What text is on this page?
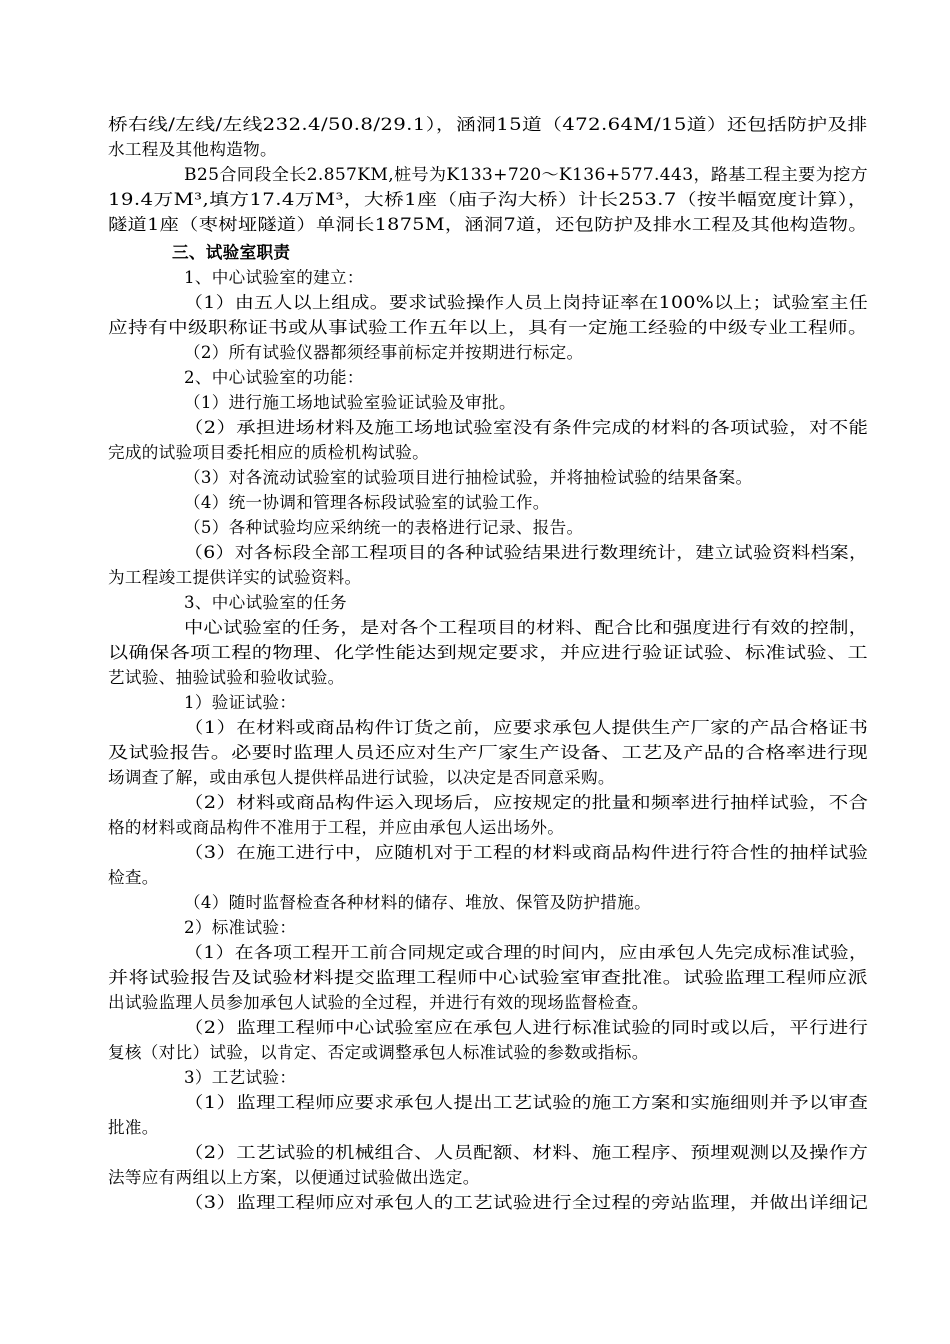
桥右线/左线/左线232.4/50.8/29.1），涵洞15道（472.64M/15道）还包括防护及排
水工程及其他构造物。
B25合同段全长2.857KM,桩号为K133+720～K136+577.443，路基工程主要为挖方
19.4万M³,填方17.4万M³，大桥1座（庙子沟大桥）计长253.7（按半幅宽度计算），
隧道1座（枣树垭隧道）单洞长1875M，涵洞7道，还包防护及排水工程及其他构造物。
三、试验室职责
1、中心试验室的建立：
（1）由五人以上组成。要求试验操作人员上岗持证率在100%以上；试验室主任
应持有中级职称证书或从事试验工作五年以上，具有一定施工经验的中级专业工程师。
（2）所有试验仪器都须经事前标定并按期进行标定。
2、中心试验室的功能：
（1）进行施工场地试验室验证试验及审批。
（2）承担进场材料及施工场地试验室没有条件完成的材料的各项试验，对不能
完成的试验项目委托相应的质检机构试验。
（3）对各流动试验室的试验项目进行抽检试验，并将抽检试验的结果备案。
（4）统一协调和管理各标段试验室的试验工作。
（5）各种试验均应采纳统一的表格进行记录、报告。
（6）对各标段全部工程项目的各种试验结果进行数理统计，建立试验资料档案，
为工程竣工提供详实的试验资料。
3、中心试验室的任务
中心试验室的任务，是对各个工程项目的材料、配合比和强度进行有效的控制，
以确保各项工程的物理、化学性能达到规定要求，并应进行验证试验、标准试验、工
艺试验、抽验试验和验收试验。
1）验证试验：
（1）在材料或商品构件订货之前，应要求承包人提供生产厂家的产品合格证书
及试验报告。必要时监理人员还应对生产厂家生产设备、工艺及产品的合格率进行现
场调查了解，或由承包人提供样品进行试验，以决定是否同意采购。
（2）材料或商品构件运入现场后，应按规定的批量和频率进行抽样试验，不合
格的材料或商品构件不准用于工程，并应由承包人运出场外。
（3）在施工进行中，应随机对于工程的材料或商品构件进行符合性的抽样试验
检查。
（4）随时监督检查各种材料的储存、堆放、保管及防护措施。
2）标准试验：
（1）在各项工程开工前合同规定或合理的时间内，应由承包人先完成标准试验，
并将试验报告及试验材料提交监理工程师中心试验室审查批准。试验监理工程师应派
出试验监理人员参加承包人试验的全过程，并进行有效的现场监督检查。
（2）监理工程师中心试验室应在承包人进行标准试验的同时或以后，平行进行
复核（对比）试验，以肯定、否定或调整承包人标准试验的参数或指标。
3）工艺试验：
（1）监理工程师应要求承包人提出工艺试验的施工方案和实施细则并予以审查
批准。
（2）工艺试验的机械组合、人员配额、材料、施工程序、预埋观测以及操作方
法等应有两组以上方案，以便通过试验做出选定。
（3）监理工程师应对承包人的工艺试验进行全过程的旁站监理，并做出详细记
